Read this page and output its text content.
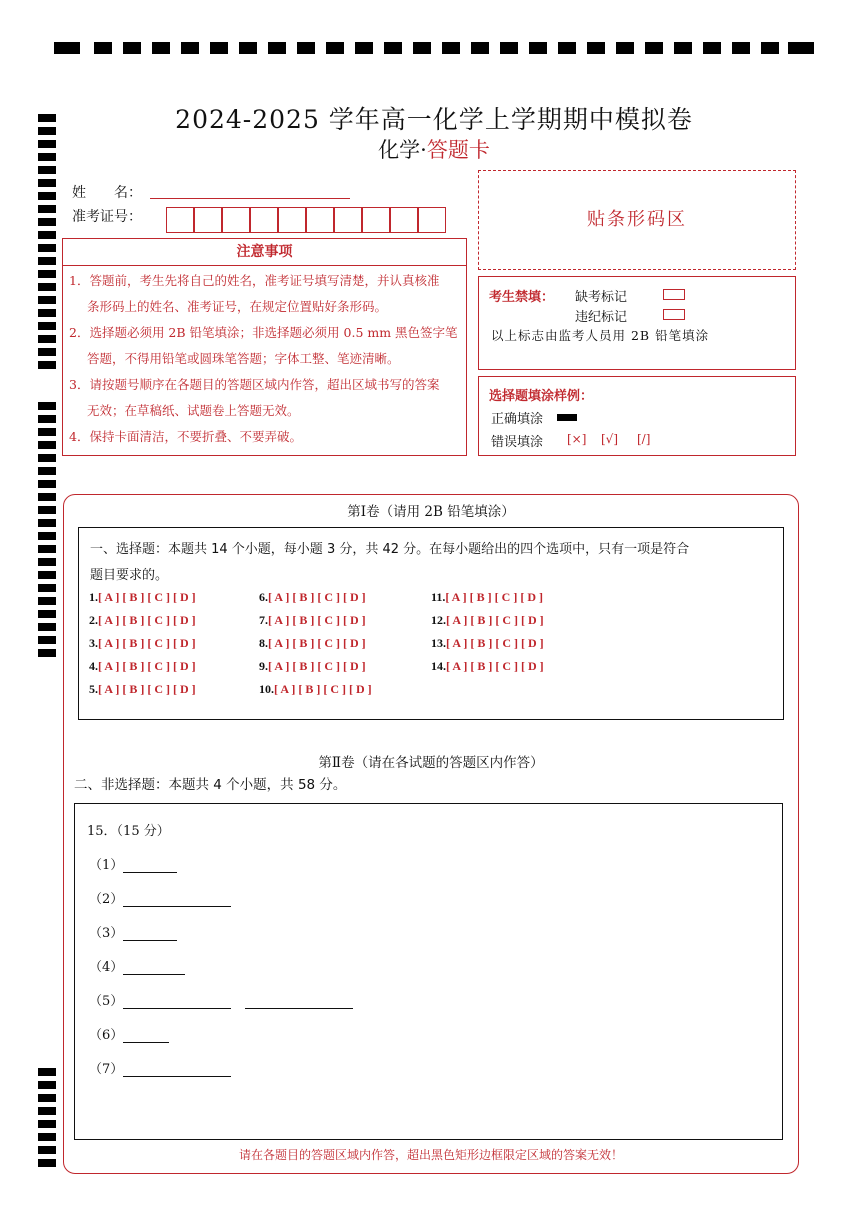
2024-2025 学年高一化学上学期期中模拟卷
化学·答题卡
姓　　名：
准考证号：	贴条形码区
注意事项
1．答题前，考生先将自己的姓名，准考证号填写清楚，并认真核准
条形码上的姓名、准考证号，在规定位置贴好条形码。
2．选择题必须用 2B 铅笔填涂；非选择题必须用 0.5 mm 黑色签字笔
答题，不得用铅笔或圆珠笔答题；字体工整、笔迹清晰。
3．请按题号顺序在各题目的答题区域内作答，超出区域书写的答案
无效；在草稿纸、试题卷上答题无效。
4．保持卡面清洁，不要折叠、不要弄破。
考生禁填： 缺考标记
违纪标记
以上标志由监考人员用 2B 铅笔填涂
选择题填涂样例：
正确填涂
错误填涂 [×] [√] [/]
第Ⅰ卷（请用 2B 铅笔填涂）
一、选择题：本题共 14 个小题，每小题 3 分，共 42 分。在每小题给出的四个选项中，只有一项是符合
题目要求的。
1.[ A ] [ B ] [ C ] [ D ]
2.[ A ] [ B ] [ C ] [ D ]
3.[ A ] [ B ] [ C ] [ D ]
4.[ A ] [ B ] [ C ] [ D ]
5.[ A ] [ B ] [ C ] [ D ]
6.[ A ] [ B ] [ C ] [ D ]
7.[ A ] [ B ] [ C ] [ D ]
8.[ A ] [ B ] [ C ] [ D ]
9.[ A ] [ B ] [ C ] [ D ]
10.[ A ] [ B ] [ C ] [ D ]
11.[ A ] [ B ] [ C ] [ D ]
12.[ A ] [ B ] [ C ] [ D ]
13.[ A ] [ B ] [ C ] [ D ]
14.[ A ] [ B ] [ C ] [ D ]
第Ⅱ卷（请在各试题的答题区内作答）
二、非选择题：本题共 4 个小题，共 58 分。
15．（15 分）
（1）
（2）
（3）
（4）
（5）
（6）
（7）
请在各题目的答题区域内作答，超出黑色矩形边框限定区域的答案无效！
